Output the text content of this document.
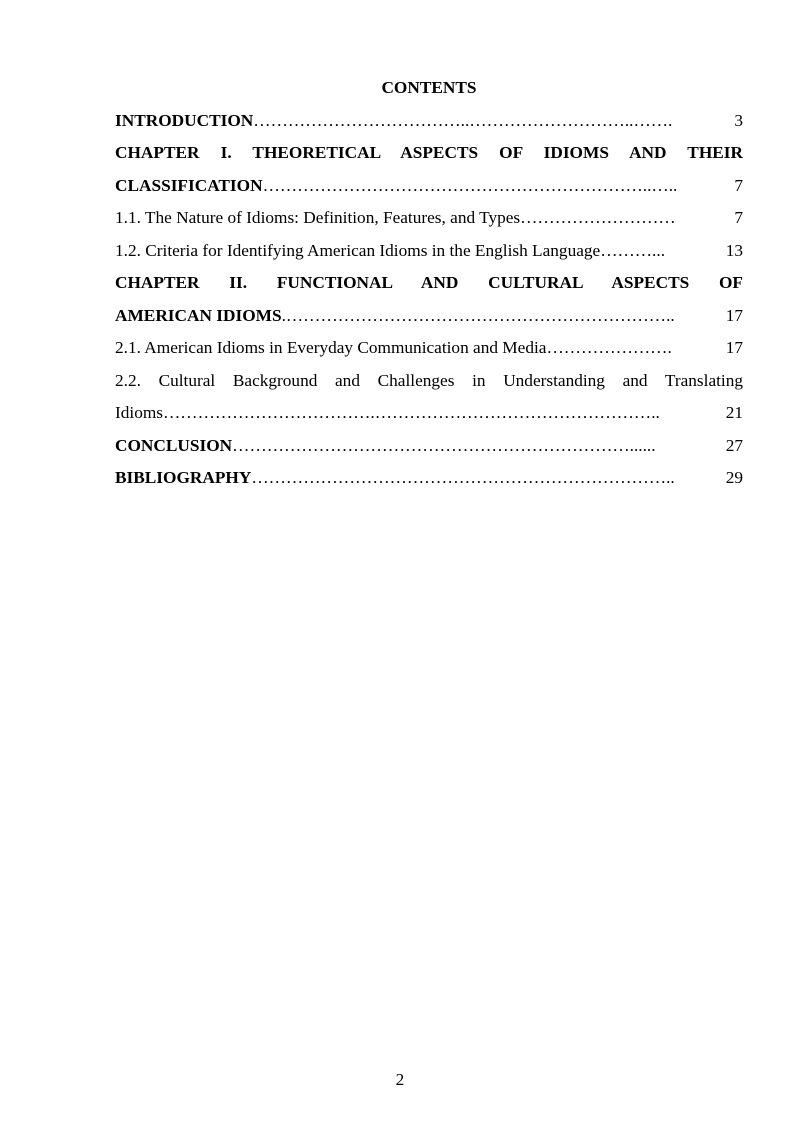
CONTENTS
INTRODUCTION ………………………………..………………………..…….	3
CHAPTER I. THEORETICAL ASPECTS OF IDIOMS AND THEIR
CLASSIFICATION …………………………………………………………..…..	7
1.1. The Nature of Idioms: Definition, Features, and Types ………………………	7
1.2. Criteria for Identifying American Idioms in the English Language ………...	13
CHAPTER II. FUNCTIONAL AND CULTURAL ASPECTS OF
AMERICAN IDIOMS .…………………………………………………………..	17
2.1. American Idioms in Everyday Communication and Media ………………….	17
2.2. Cultural Background and Challenges in Understanding and Translating
Idioms ……………………………….…………………………………………..	21
CONCLUSION ……………………………………………………………......	27
BIBLIOGRAPHY ………………………………………………………………..	29
2
